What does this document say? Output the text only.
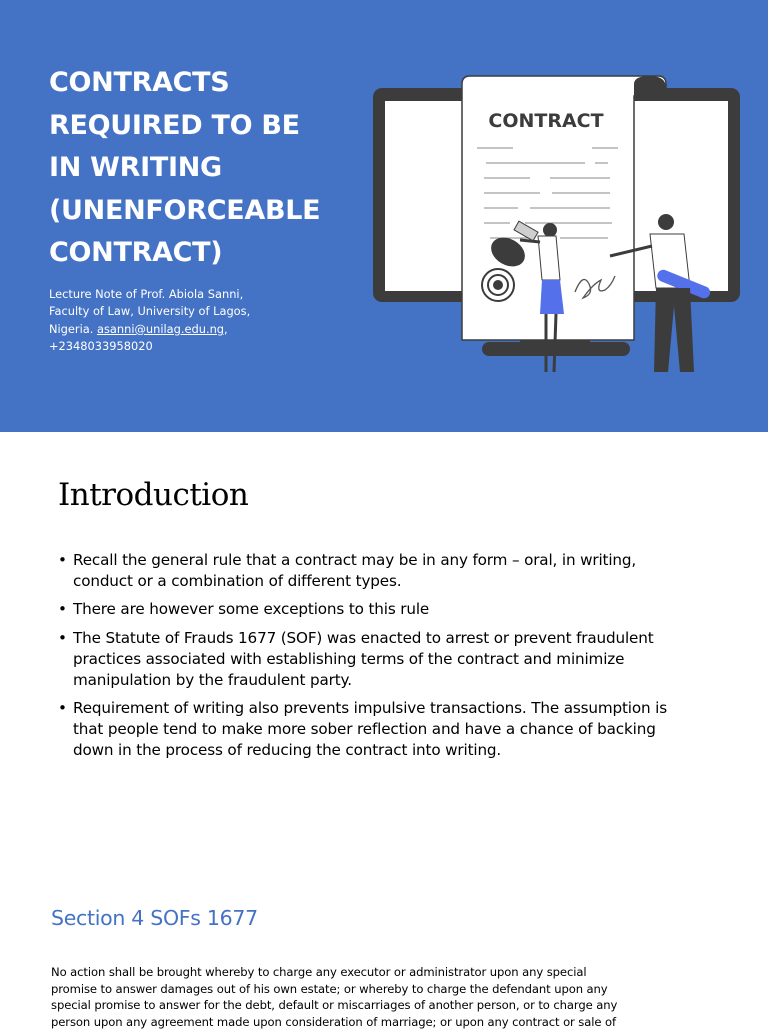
CONTRACTS
REQUIRED TO BE
IN WRITING
(UNENFORCEABLE
CONTRACT)
Lecture Note of Prof. Abiola Sanni,
Faculty of Law, University of Lagos,
Nigeria. asanni@unilag.edu.ng,
+2348033958020
CONTRACT
Introduction
• Recall the general rule that a contract may be in any form – oral, in writing,
conduct or a combination of different types.
• There are however some exceptions to this rule
• The Statute of Frauds 1677 (SOF) was enacted to arrest or prevent fraudulent
practices associated with establishing terms of the contract and minimize
manipulation by the fraudulent party.
• Requirement of writing also prevents impulsive transactions. The assumption is
that people tend to make more sober reflection and have a chance of backing
down in the process of reducing the contract into writing.
Section 4 SOFs 1677
No action shall be brought whereby to charge any executor or administrator upon any special
promise to answer damages out of his own estate; or whereby to charge the defendant upon any
special promise to answer for the debt, default or miscarriages of another person, or to charge any
person upon any agreement made upon consideration of marriage; or upon any contract or sale of
